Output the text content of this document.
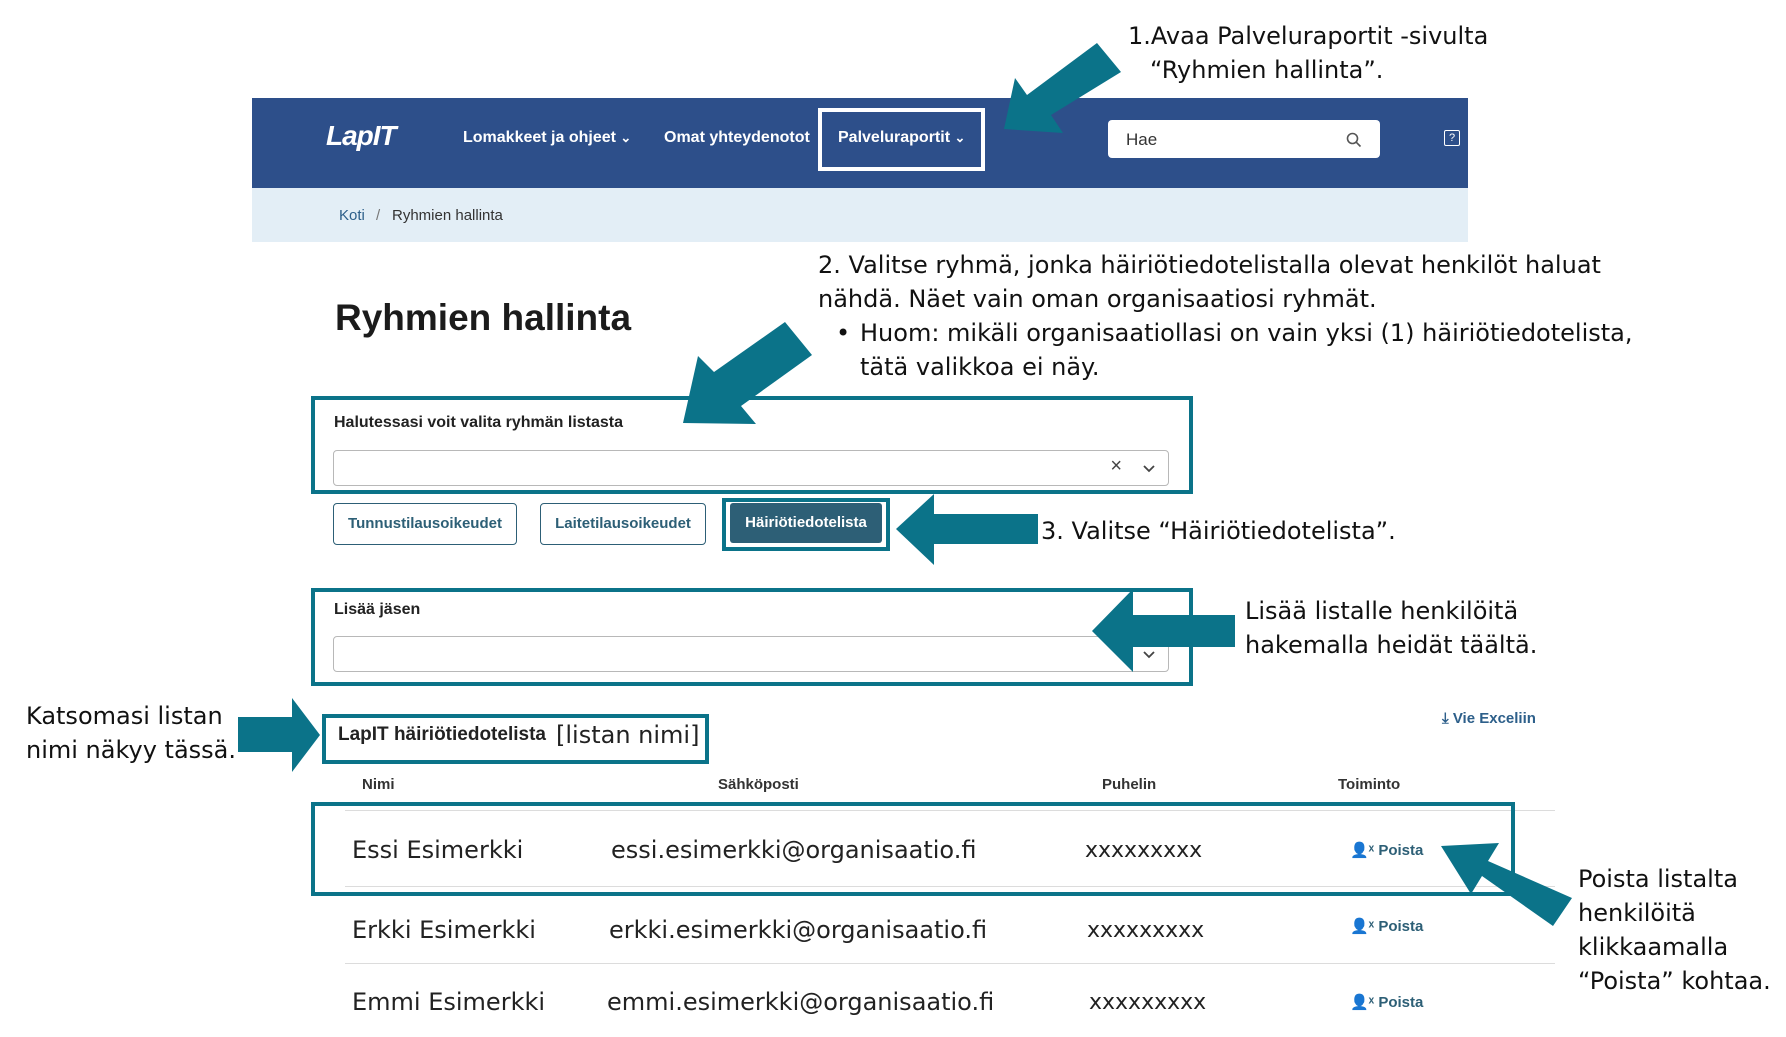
LapIT	Lomakkeet ja ohjeet ⌄ Omat yhteydenotot Palveluraportit ⌄	Hae	?
Koti / Ryhmien hallinta
Ryhmien hallinta
Halutessasi voit valita ryhmän listasta
×
Tunnustilausoikeudet	Laitetilausoikeudet	Häiriötiedotelista
Lisää jäsen
LapIT häiriötiedotelista [listan nimi]
⤓ Vie Exceliin
Nimi	Sähköposti	Puhelin	Toiminto
Essi Esimerkki	essi.esimerkki@organisaatio.fi	xxxxxxxxx	👤ˣ Poista
Erkki Esimerkki	erkki.esimerkki@organisaatio.fi	xxxxxxxxx	👤ˣ Poista
Emmi Esimerkki	emmi.esimerkki@organisaatio.fi	xxxxxxxxx	👤ˣ Poista
1.Avaa Palveluraportit -sivulta
“Ryhmien hallinta”.
2. Valitse ryhmä, jonka häiriötiedotelistalla olevat henkilöt haluat
nähdä. Näet vain oman organisaatiosi ryhmät.
• Huom: mikäli organisaatiollasi on vain yksi (1) häiriötiedotelista,
tätä valikkoa ei näy.
3. Valitse “Häiriötiedotelista”.
Lisää listalle henkilöitä
hakemalla heidät täältä.
Katsomasi listan
nimi näkyy tässä.
Poista listalta
henkilöitä
klikkaamalla
“Poista” kohtaa.
